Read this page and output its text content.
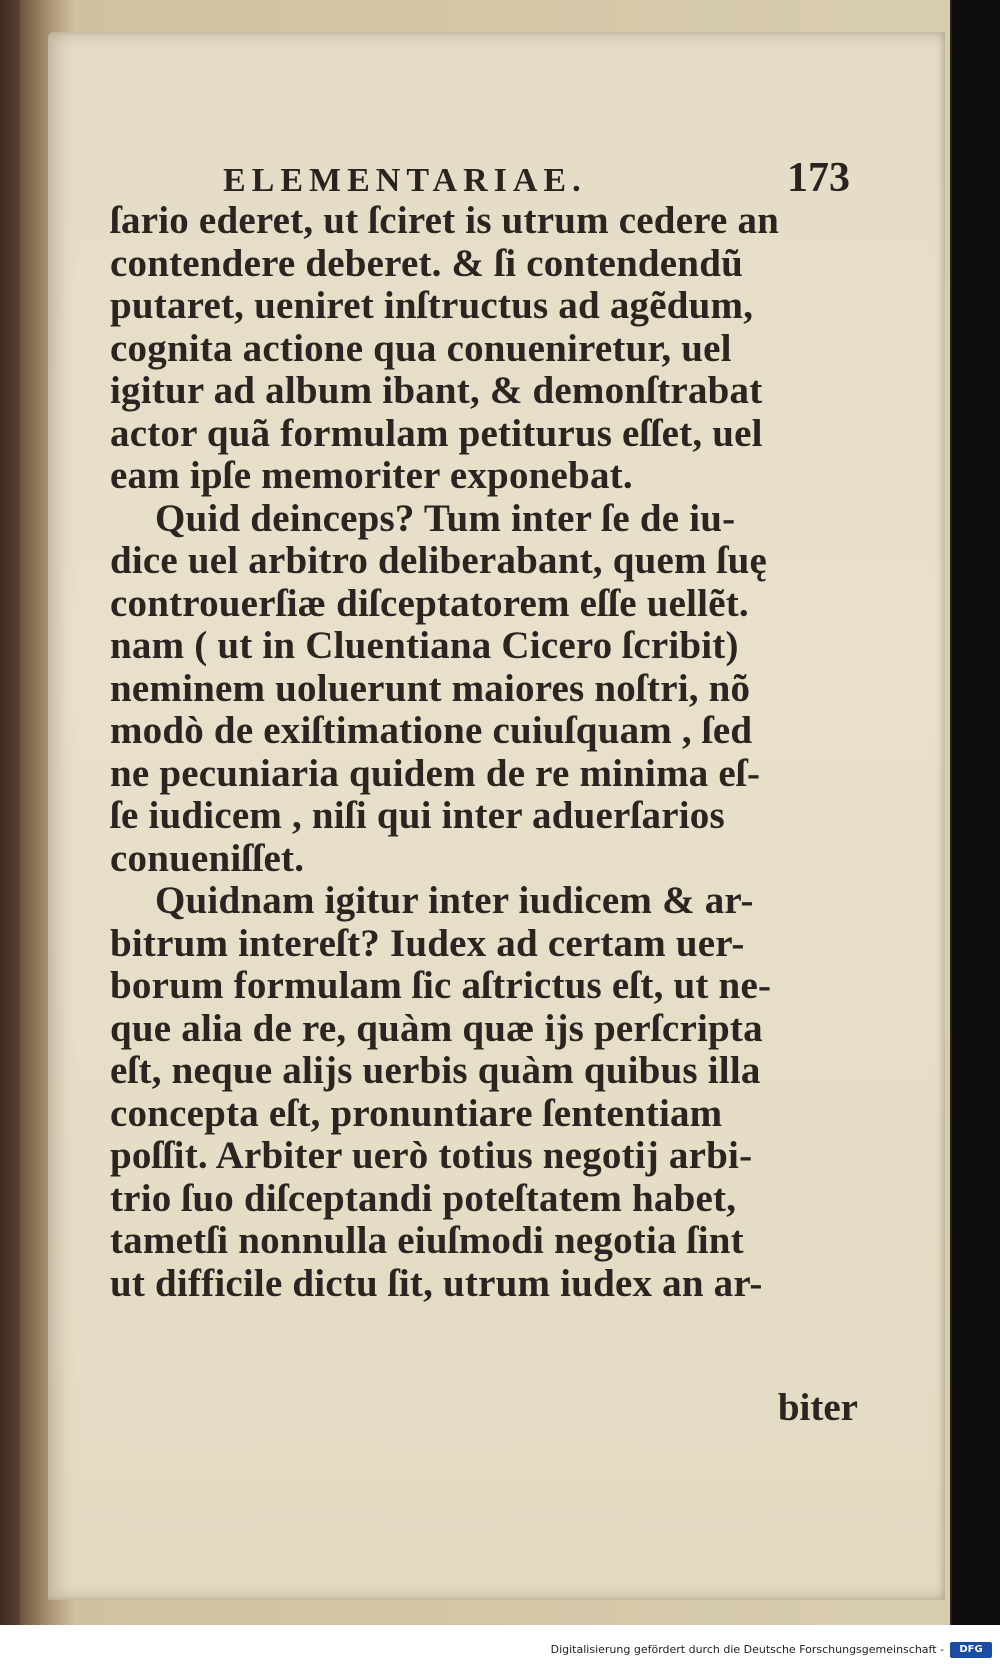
ELEMENTARIAE.	173
ſario ederet, ut ſciret is utrum cedere an
contendere deberet. & ſi contendendũ
putaret, ueniret inſtructus ad agẽdum,
cognita actione qua conueniretur, uel
igitur ad album ibant, & demonſtrabat
actor quã formulam petiturus eſſet, uel
eam ipſe memoriter exponebat.
Quid deinceps? Tum inter ſe de iu-
dice uel arbitro deliberabant, quem ſuę
controuerſiæ diſceptatorem eſſe uellẽt.
nam ( ut in Cluentiana Cicero ſcribit)
neminem uoluerunt maiores noſtri, nõ
modò de exiſtimatione cuiuſquam , ſed
ne pecuniaria quidem de re minima eſ-
ſe iudicem , niſi qui inter aduerſarios
conueniſſet.
Quidnam igitur inter iudicem & ar-
bitrum intereſt? Iudex ad certam uer-
borum formulam ſic aſtrictus eſt, ut ne-
que alia de re, quàm quæ ijs perſcripta
eſt, neque alijs uerbis quàm quibus illa
concepta eſt, pronuntiare ſententiam
poſſit. Arbiter uerò totius negotij arbi-
trio ſuo diſceptandi poteſtatem habet,
tametſi nonnulla eiuſmodi negotia ſint
ut difficile dictu ſit, utrum iudex an ar-
biter
Digitalisierung gefördert durch die Deutsche Forschungsgemeinschaft -	DFG
